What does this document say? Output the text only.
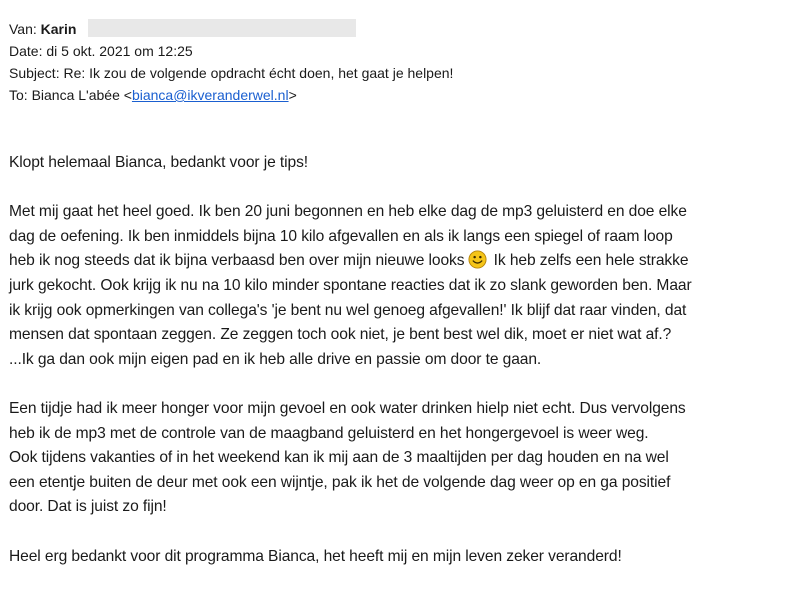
Van: Karin
Date: di 5 okt. 2021 om 12:25
Subject: Re: Ik zou de volgende opdracht écht doen, het gaat je helpen!
To: Bianca L'abée <bianca@ikveranderwel.nl>

Klopt helemaal Bianca, bedankt voor je tips!

Met mij gaat het heel goed. Ik ben 20 juni begonnen en heb elke dag de mp3 geluisterd en doe elke
dag de oefening. Ik ben inmiddels bijna 10 kilo afgevallen en als ik langs een spiegel of raam loop
heb ik nog steeds dat ik bijna verbaasd ben over mijn nieuwe looks Ik heb zelfs een hele strakke
jurk gekocht. Ook krijg ik nu na 10 kilo minder spontane reacties dat ik zo slank geworden ben. Maar
ik krijg ook opmerkingen van collega's 'je bent nu wel genoeg afgevallen!' Ik blijf dat raar vinden, dat
mensen dat spontaan zeggen. Ze zeggen toch ook niet, je bent best wel dik, moet er niet wat af.?
...Ik ga dan ook mijn eigen pad en ik heb alle drive en passie om door te gaan.

Een tijdje had ik meer honger voor mijn gevoel en ook water drinken hielp niet echt. Dus vervolgens
heb ik de mp3 met de controle van de maagband geluisterd en het hongergevoel is weer weg.
Ook tijdens vakanties of in het weekend kan ik mij aan de 3 maaltijden per dag houden en na wel
een etentje buiten de deur met ook een wijntje, pak ik het de volgende dag weer op en ga positief
door. Dat is juist zo fijn!

Heel erg bedankt voor dit programma Bianca, het heeft mij en mijn leven zeker veranderd!
